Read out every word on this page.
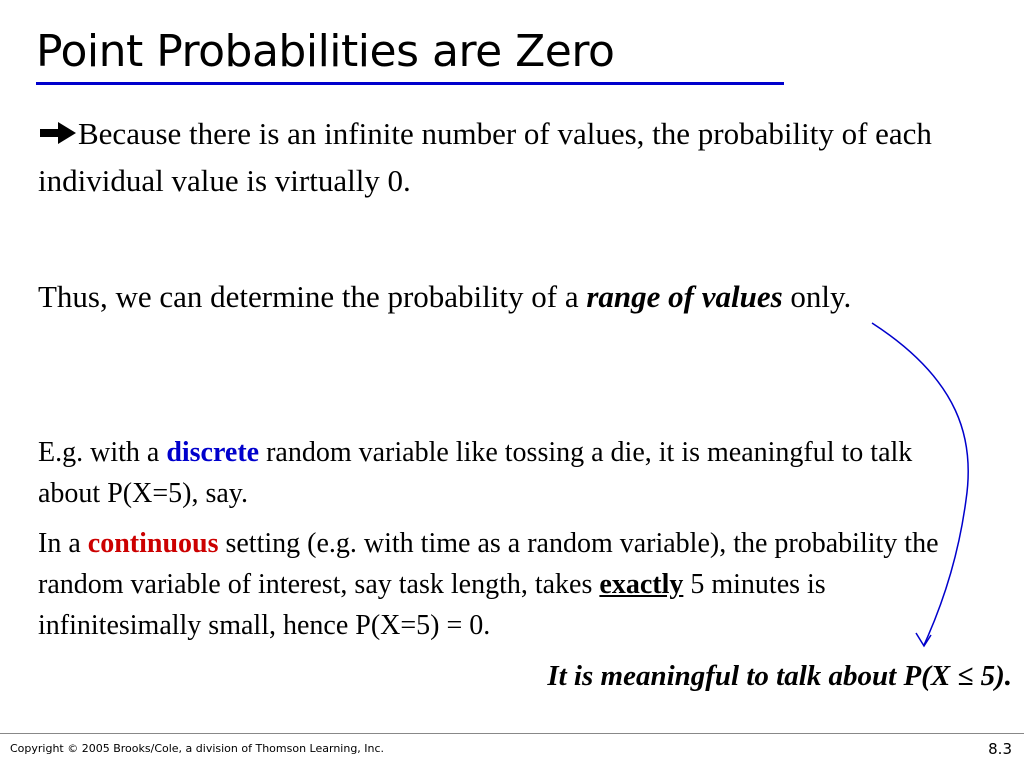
Point Probabilities are Zero

Because there is an infinite number of values, the probability of each individual value is virtually 0.

Thus, we can determine the probability of a range of values only.

E.g. with a discrete random variable like tossing a die, it is meaningful to talk about P(X=5), say.

In a continuous setting (e.g. with time as a random variable), the probability the random variable of interest, say task length, takes exactly 5 minutes is infinitesimally small, hence P(X=5) = 0.

It is meaningful to talk about P(X ≤ 5).

Copyright © 2005 Brooks/Cole, a division of Thomson Learning, Inc.	8.3
